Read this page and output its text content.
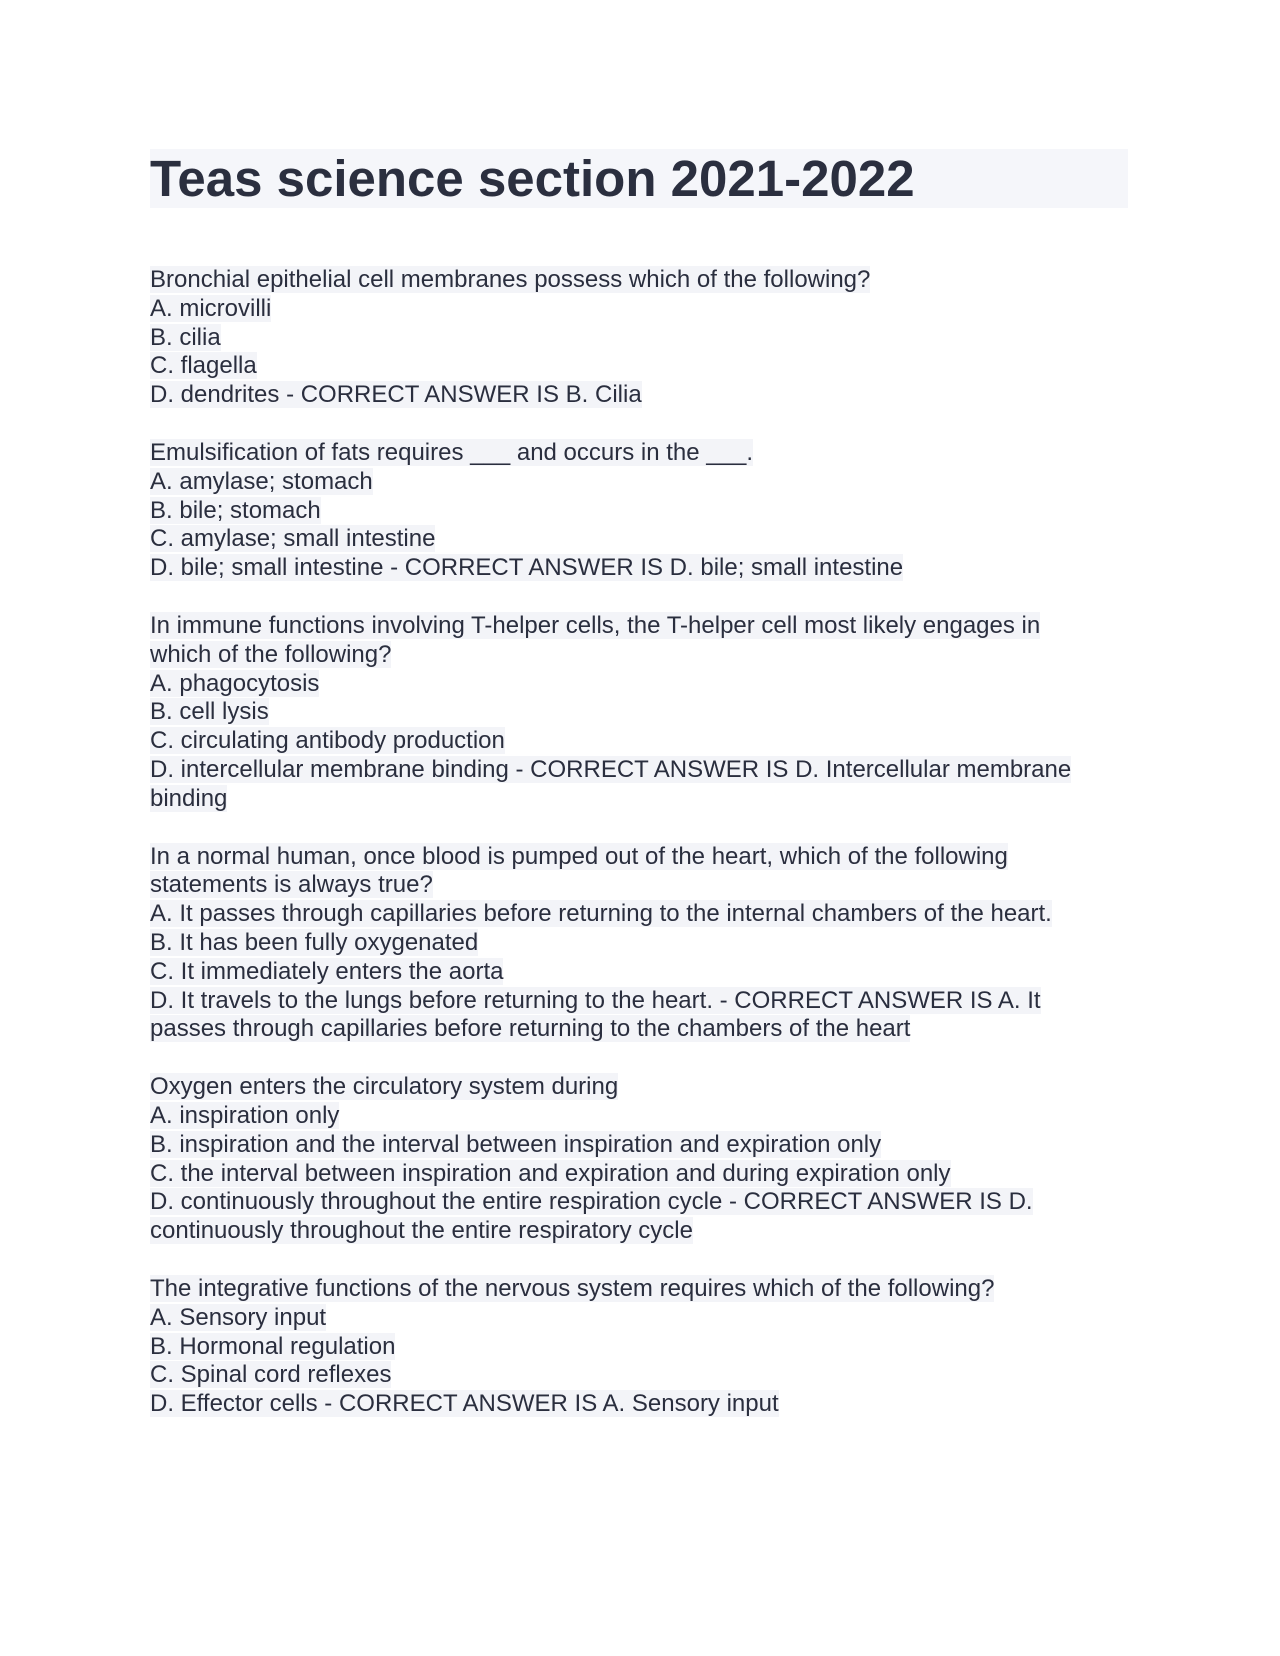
Teas science section 2021-2022
Bronchial epithelial cell membranes possess which of the following?
A. microvilli
B. cilia
C. flagella
D. dendrites - CORRECT ANSWER IS B. Cilia
Emulsification of fats requires ___ and occurs in the ___.
A. amylase; stomach
B. bile; stomach
C. amylase; small intestine
D. bile; small intestine - CORRECT ANSWER IS D. bile; small intestine
In immune functions involving T-helper cells, the T-helper cell most likely engages in
which of the following?
A. phagocytosis
B. cell lysis
C. circulating antibody production
D. intercellular membrane binding - CORRECT ANSWER IS D. Intercellular membrane
binding
In a normal human, once blood is pumped out of the heart, which of the following
statements is always true?
A. It passes through capillaries before returning to the internal chambers of the heart.
B. It has been fully oxygenated
C. It immediately enters the aorta
D. It travels to the lungs before returning to the heart. - CORRECT ANSWER IS A. It
passes through capillaries before returning to the chambers of the heart
Oxygen enters the circulatory system during
A. inspiration only
B. inspiration and the interval between inspiration and expiration only
C. the interval between inspiration and expiration and during expiration only
D. continuously throughout the entire respiration cycle - CORRECT ANSWER IS D.
continuously throughout the entire respiratory cycle
The integrative functions of the nervous system requires which of the following?
A. Sensory input
B. Hormonal regulation
C. Spinal cord reflexes
D. Effector cells - CORRECT ANSWER IS A. Sensory input
